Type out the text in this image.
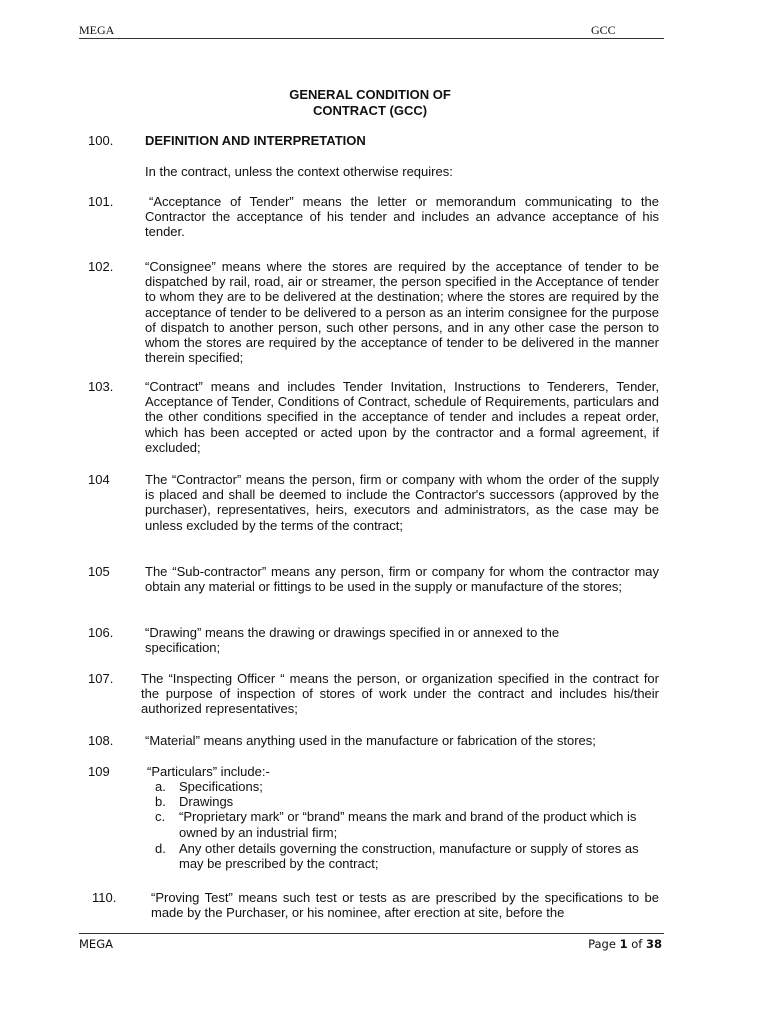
MEGA	GCC
GENERAL CONDITION OF
CONTRACT (GCC)
100. DEFINITION AND INTERPRETATION
In the contract, unless the context otherwise requires:
101.	“Acceptance of Tender” means the letter or memorandum communicating to the Contractor the acceptance of his tender and includes an advance acceptance of his tender.
102. “Consignee” means where the stores are required by the acceptance of tender to be dispatched by rail, road, air or streamer, the person specified in the Acceptance of tender to whom they are to be delivered at the destination; where the stores are required by the acceptance of tender to be delivered to a person as an interim consignee for the purpose of dispatch to another person, such other persons, and in any other case the person to whom the stores are required by the acceptance of tender to be delivered in the manner therein specified;
103. “Contract” means and includes Tender Invitation, Instructions to Tenderers, Tender, Acceptance of Tender, Conditions of Contract, schedule of Requirements, particulars and the other conditions specified in the acceptance of tender and includes a repeat order, which has been accepted or acted upon by the contractor and a formal agreement, if excluded;
104	The “Contractor” means the person, firm or company with whom the order of the supply is placed and shall be deemed to include the Contractor's successors (approved by the purchaser), representatives, heirs, executors and administrators, as the case may be unless excluded by the terms of the contract;
105	The “Sub-contractor” means any person, firm or company for whom the contractor may obtain any material or fittings to be used in the supply or manufacture of the stores;
106. “Drawing” means the drawing or drawings specified in or annexed to the specification;
107. The “Inspecting Officer “ means the person, or organization specified in the contract for the purpose of inspection of stores of work under the contract and includes his/their authorized representatives;
108. “Material” means anything used in the manufacture or fabrication of the stores;
109	“Particulars” include:-
a. Specifications;
b. Drawings
c. “Proprietary mark” or “brand” means the mark and brand of the product which is owned by an industrial firm;
d. Any other details governing the construction, manufacture or supply of stores as may be prescribed by the contract;
110.	“Proving Test” means such test or tests as are prescribed by the specifications to be made by the Purchaser, or his nominee, after erection at site, before the
MEGA	Page 1 of 38
